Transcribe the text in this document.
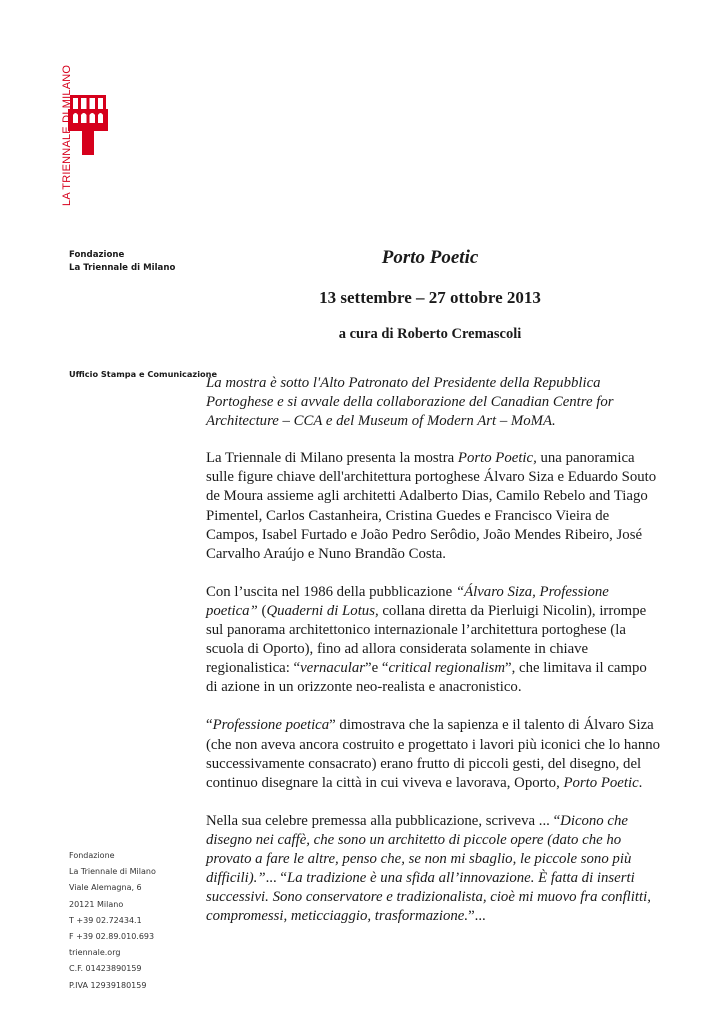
LA TRIENNALE DI MILANO
Fondazione
La Triennale di Milano
Ufficio Stampa e Comunicazione
Fondazione
La Triennale di Milano
Viale Alemagna, 6
20121 Milano
T +39 02.72434.1
F +39 02.89.010.693
triennale.org
C.F. 01423890159
P.IVA 12939180159
Porto Poetic
13 settembre – 27 ottobre 2013
a cura di Roberto Cremascoli

La mostra è sotto l'Alto Patronato del Presidente della Repubblica Portoghese e si avvale della collaborazione del Canadian Centre for Architecture – CCA e del Museum of Modern Art – MoMA.

La Triennale di Milano presenta la mostra Porto Poetic, una panoramica sulle figure chiave dell'architettura portoghese Álvaro Siza e Eduardo Souto de Moura assieme agli architetti Adalberto Dias, Camilo Rebelo and Tiago Pimentel, Carlos Castanheira, Cristina Guedes e Francisco Vieira de Campos, Isabel Furtado e João Pedro Serôdio, João Mendes Ribeiro, José Carvalho Araújo e Nuno Brandão Costa.

Con l’uscita nel 1986 della pubblicazione “Álvaro Siza, Professione poetica” (Quaderni di Lotus, collana diretta da Pierluigi Nicolin), irrompe sul panorama architettonico internazionale l’architettura portoghese (la scuola di Oporto), fino ad allora considerata solamente in chiave regionalistica: “vernacular”e “critical regionalism”, che limitava il campo di azione in un orizzonte neo-realista e anacronistico.

“Professione poetica” dimostrava che la sapienza e il talento di Álvaro Siza (che non aveva ancora costruito e progettato i lavori più iconici che lo hanno successivamente consacrato) erano frutto di piccoli gesti, del disegno, del continuo disegnare la città in cui viveva e lavorava, Oporto, Porto Poetic.

Nella sua celebre premessa alla pubblicazione, scriveva ... “Dicono che disegno nei caffè, che sono un architetto di piccole opere (dato che ho provato a fare le altre, penso che, se non mi sbaglio, le piccole sono più difficili).”... “La tradizione è una sfida all’innovazione. È fatta di inserti successivi. Sono conservatore e tradizionalista, cioè mi muovo fra conflitti, compromessi, meticciaggio, trasformazione.”...
